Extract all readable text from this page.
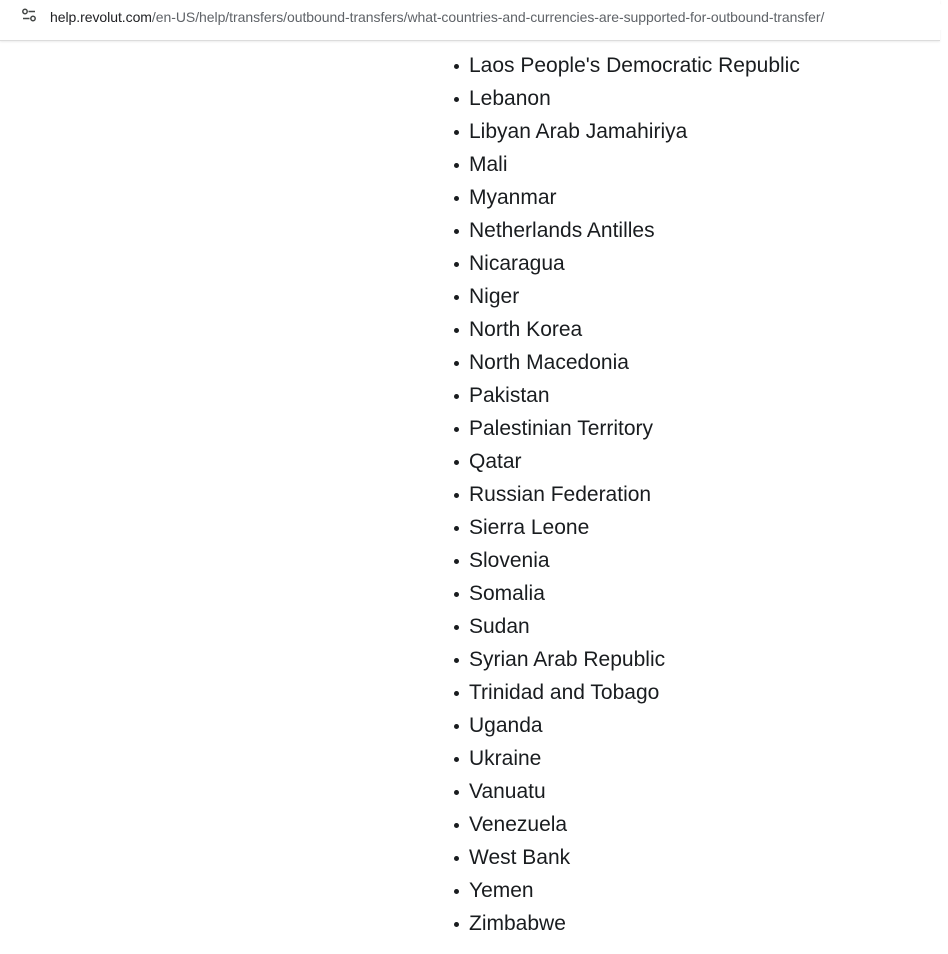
help.revolut.com/en-US/help/transfers/outbound-transfers/what-countries-and-currencies-are-supported-for-outbound-transfer/
Laos People's Democratic Republic
Lebanon
Libyan Arab Jamahiriya
Mali
Myanmar
Netherlands Antilles
Nicaragua
Niger
North Korea
North Macedonia
Pakistan
Palestinian Territory
Qatar
Russian Federation
Sierra Leone
Slovenia
Somalia
Sudan
Syrian Arab Republic
Trinidad and Tobago
Uganda
Ukraine
Vanuatu
Venezuela
West Bank
Yemen
Zimbabwe
